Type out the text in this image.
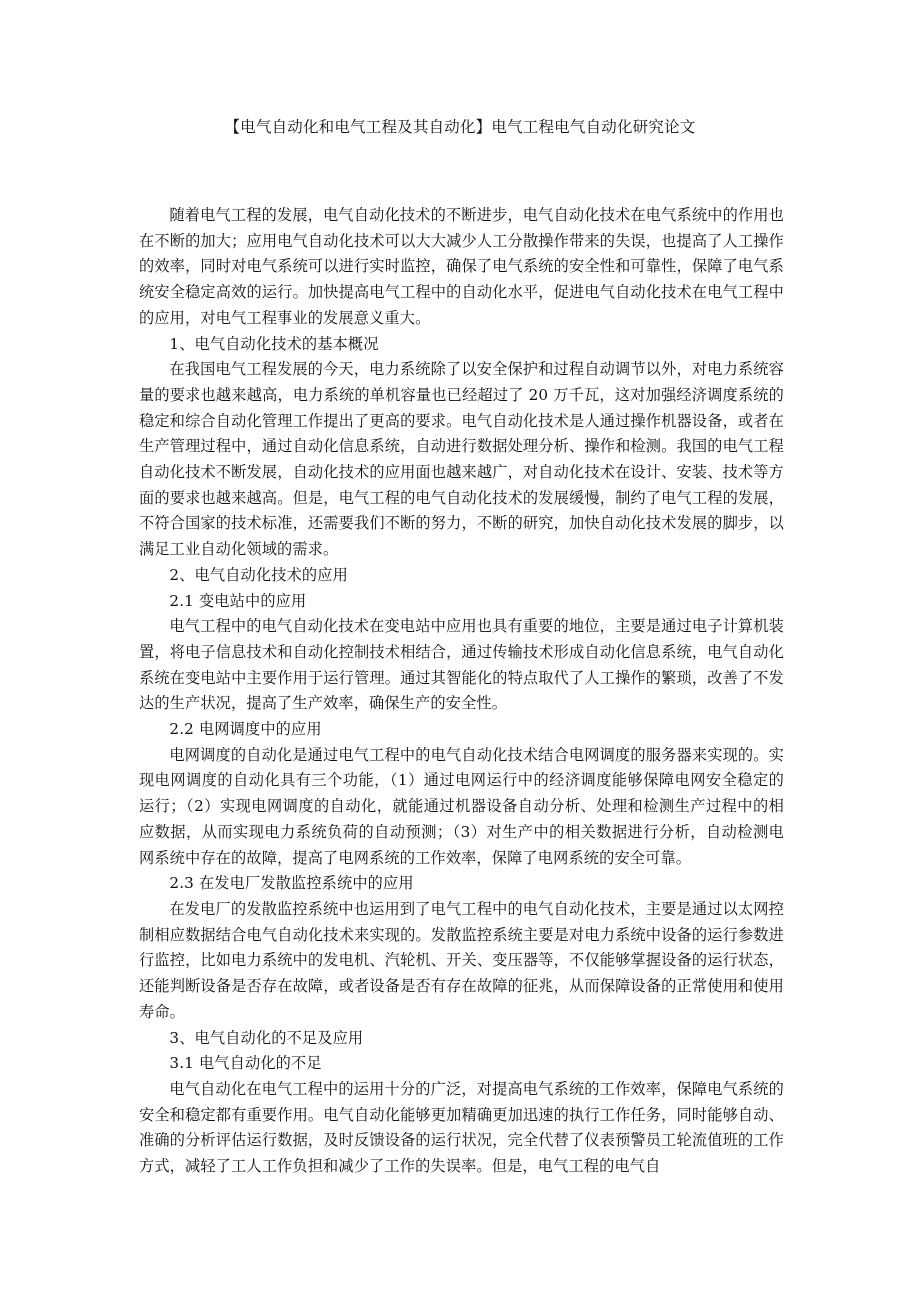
【电气自动化和电气工程及其自动化】电气工程电气自动化研究论文

随着电气工程的发展，电气自动化技术的不断进步，电气自动化技术在电气系统中的作用也在不断的加大；应用电气自动化技术可以大大减少人工分散操作带来的失误，也提高了人工操作的效率，同时对电气系统可以进行实时监控，确保了电气系统的安全性和可靠性，保障了电气系统安全稳定高效的运行。加快提高电气工程中的自动化水平，促进电气自动化技术在电气工程中的应用，对电气工程事业的发展意义重大。

1、电气自动化技术的基本概况

在我国电气工程发展的今天，电力系统除了以安全保护和过程自动调节以外，对电力系统容量的要求也越来越高，电力系统的单机容量也已经超过了 20 万千瓦，这对加强经济调度系统的稳定和综合自动化管理工作提出了更高的要求。电气自动化技术是人通过操作机器设备，或者在生产管理过程中，通过自动化信息系统，自动进行数据处理分析、操作和检测。我国的电气工程自动化技术不断发展，自动化技术的应用面也越来越广，对自动化技术在设计、安装、技术等方面的要求也越来越高。但是，电气工程的电气自动化技术的发展缓慢，制约了电气工程的发展，不符合国家的技术标准，还需要我们不断的努力，不断的研究，加快自动化技术发展的脚步，以满足工业自动化领域的需求。

2、电气自动化技术的应用
2.1 变电站中的应用

电气工程中的电气自动化技术在变电站中应用也具有重要的地位，主要是通过电子计算机装置，将电子信息技术和自动化控制技术相结合，通过传输技术形成自动化信息系统，电气自动化系统在变电站中主要作用于运行管理。通过其智能化的特点取代了人工操作的繁琐，改善了不发达的生产状况，提高了生产效率，确保生产的安全性。

2.2 电网调度中的应用

电网调度的自动化是通过电气工程中的电气自动化技术结合电网调度的服务器来实现的。实现电网调度的自动化具有三个功能，（1）通过电网运行中的经济调度能够保障电网安全稳定的运行；（2）实现电网调度的自动化，就能通过机器设备自动分析、处理和检测生产过程中的相应数据，从而实现电力系统负荷的自动预测；（3）对生产中的相关数据进行分析，自动检测电网系统中存在的故障，提高了电网系统的工作效率，保障了电网系统的安全可靠。

2.3 在发电厂发散监控系统中的应用

在发电厂的发散监控系统中也运用到了电气工程中的电气自动化技术，主要是通过以太网控制相应数据结合电气自动化技术来实现的。发散监控系统主要是对电力系统中设备的运行参数进行监控，比如电力系统中的发电机、汽轮机、开关、变压器等，不仅能够掌握设备的运行状态，还能判断设备是否存在故障，或者设备是否有存在故障的征兆，从而保障设备的正常使用和使用寿命。

3、电气自动化的不足及应用
3.1 电气自动化的不足

电气自动化在电气工程中的运用十分的广泛，对提高电气系统的工作效率，保障电气系统的安全和稳定都有重要作用。电气自动化能够更加精确更加迅速的执行工作任务，同时能够自动、准确的分析评估运行数据，及时反馈设备的运行状况，完全代替了仪表预警员工轮流值班的工作方式，减轻了工人工作负担和减少了工作的失误率。但是，电气工程的电气自
